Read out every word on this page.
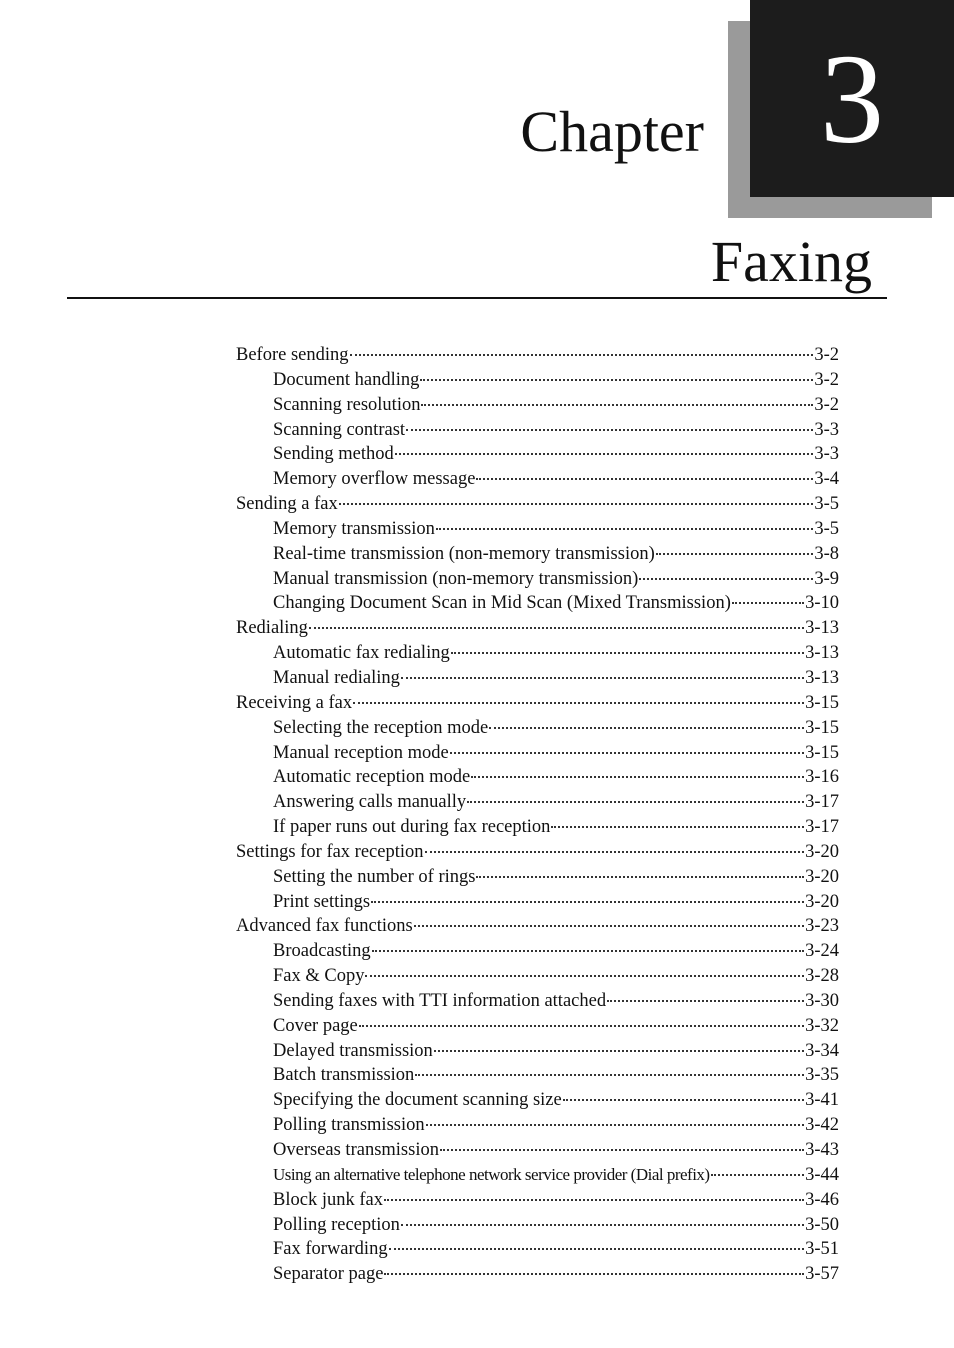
Chapter 3
Faxing
Before sending	3-2
Document handling	3-2
Scanning resolution	3-2
Scanning contrast	3-3
Sending method	3-3
Memory overflow message	3-4
Sending a fax	3-5
Memory transmission	3-5
Real-time transmission (non-memory transmission)	3-8
Manual transmission (non-memory transmission)	3-9
Changing Document Scan in Mid Scan (Mixed Transmission)	3-10
Redialing	3-13
Automatic fax redialing	3-13
Manual redialing	3-13
Receiving a fax	3-15
Selecting the reception mode	3-15
Manual reception mode	3-15
Automatic reception mode	3-16
Answering calls manually	3-17
If paper runs out during fax reception	3-17
Settings for fax reception	3-20
Setting the number of rings	3-20
Print settings	3-20
Advanced fax functions	3-23
Broadcasting	3-24
Fax & Copy	3-28
Sending faxes with TTI information attached	3-30
Cover page	3-32
Delayed transmission	3-34
Batch transmission	3-35
Specifying the document scanning size	3-41
Polling transmission	3-42
Overseas transmission	3-43
Using an alternative telephone network service provider (Dial prefix)	3-44
Block junk fax	3-46
Polling reception	3-50
Fax forwarding	3-51
Separator page	3-57
